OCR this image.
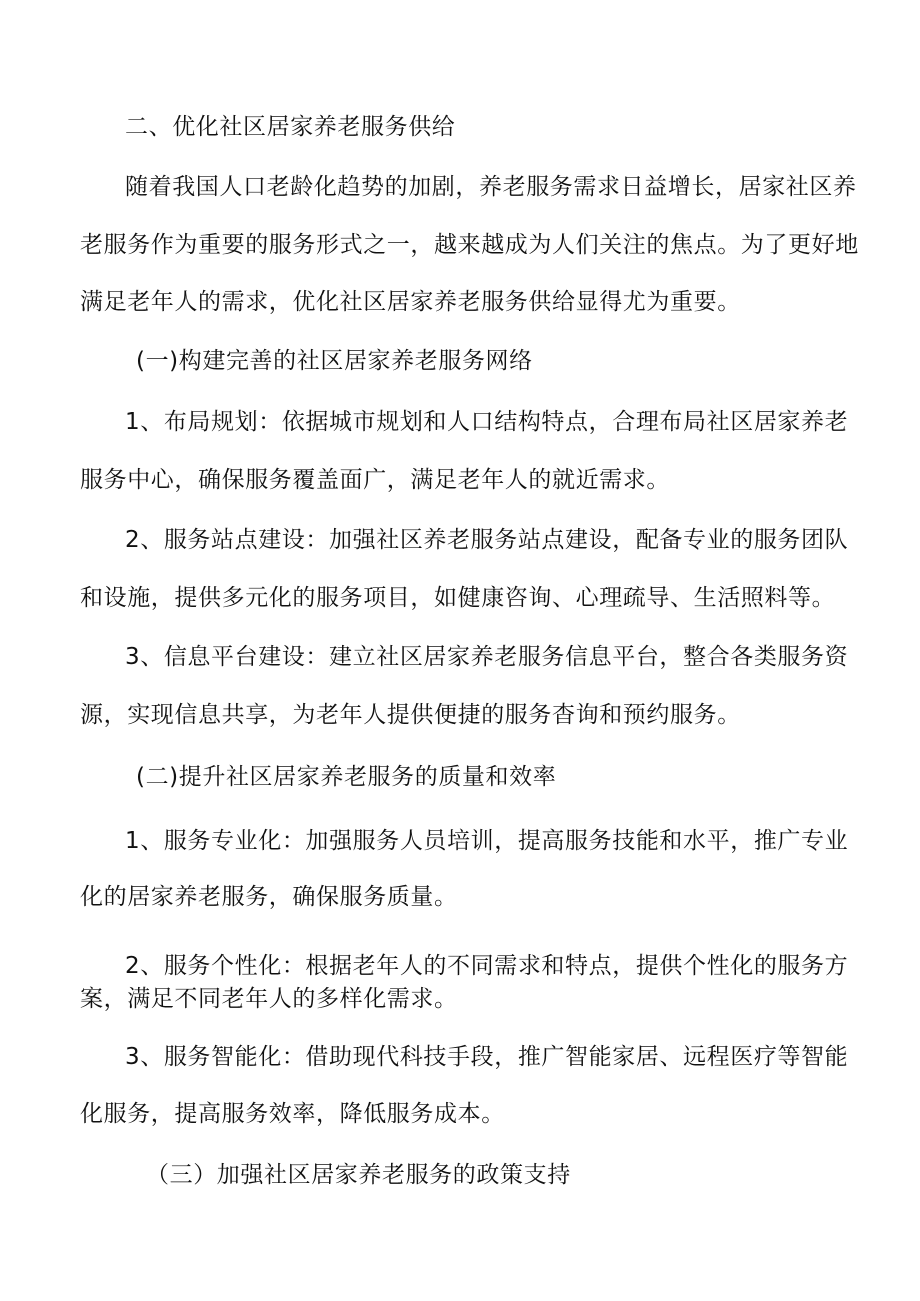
二、优化社区居家养老服务供给
随着我国人口老龄化趋势的加剧，养老服务需求日益增长，居家社区养
老服务作为重要的服务形式之一，越来越成为人们关注的焦点。为了更好地
满足老年人的需求，优化社区居家养老服务供给显得尤为重要。
(一)构建完善的社区居家养老服务网络
1、布局规划：依据城市规划和人口结构特点，合理布局社区居家养老
服务中心，确保服务覆盖面广，满足老年人的就近需求。
2、服务站点建设：加强社区养老服务站点建设，配备专业的服务团队
和设施，提供多元化的服务项目，如健康咨询、心理疏导、生活照料等。
3、信息平台建设：建立社区居家养老服务信息平台，整合各类服务资
源，实现信息共享，为老年人提供便捷的服务杳询和预约服务。
(二)提升社区居家养老服务的质量和效率
1、服务专业化：加强服务人员培训，提高服务技能和水平，推广专业
化的居家养老服务，确保服务质量。
2、服务个性化：根据老年人的不同需求和特点，提供个性化的服务方
案，满足不同老年人的多样化需求。
3、服务智能化：借助现代科技手段，推广智能家居、远程医疗等智能
化服务，提高服务效率，降低服务成本。
（三）加强社区居家养老服务的政策支持
